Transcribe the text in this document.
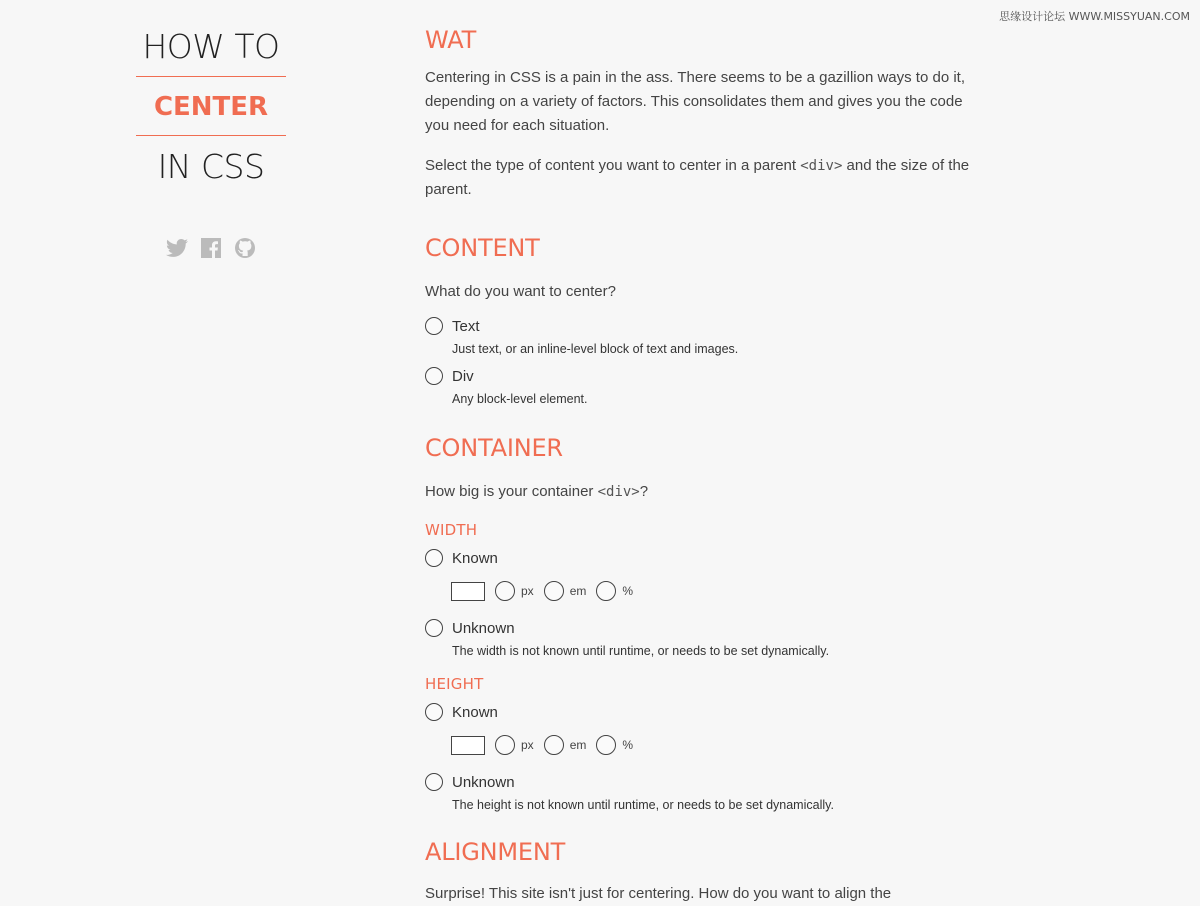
思缘设计论坛 WWW.MISSYUAN.COM
HOW TO
CENTER
IN CSS
WAT

Centering in CSS is a pain in the ass. There seems to be a gazillion ways to do it, depending on a variety of factors. This consolidates them and gives you the code you need for each situation.

Select the type of content you want to center in a parent <div> and the size of the parent.

CONTENT

What do you want to center?

Text
Just text, or an inline-level block of text and images.
Div
Any block-level element.
CONTAINER

How big is your container <div>?

WIDTH
Known
px	em	%
Unknown
The width is not known until runtime, or needs to be set dynamically.
HEIGHT
Known
px	em	%
Unknown
The height is not known until runtime, or needs to be set dynamically.
ALIGNMENT

Surprise! This site isn't just for centering. How do you want to align the
